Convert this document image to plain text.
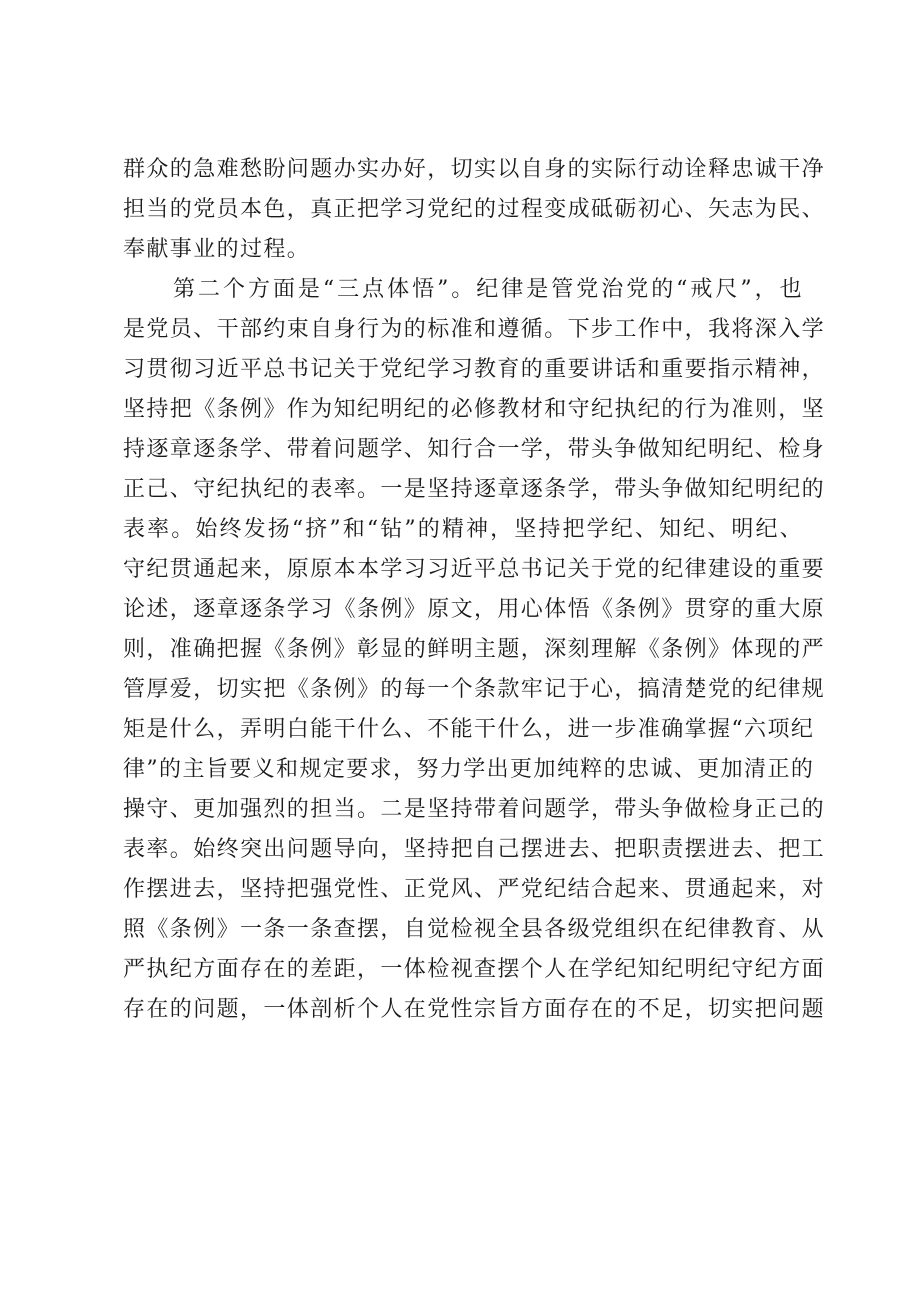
群众的急难愁盼问题办实办好，切实以自身的实际行动诠释忠诚干净
担当的党员本色，真正把学习党纪的过程变成砥砺初心、矢志为民、
奉献事业的过程。
第二个方面是“三点体悟”。纪律是管党治党的“戒尺”，也
是党员、干部约束自身行为的标准和遵循。下步工作中，我将深入学
习贯彻习近平总书记关于党纪学习教育的重要讲话和重要指示精神，
坚持把《条例》作为知纪明纪的必修教材和守纪执纪的行为准则，坚
持逐章逐条学、带着问题学、知行合一学，带头争做知纪明纪、检身
正己、守纪执纪的表率。一是坚持逐章逐条学，带头争做知纪明纪的
表率。始终发扬“挤”和“钻”的精神，坚持把学纪、知纪、明纪、
守纪贯通起来，原原本本学习习近平总书记关于党的纪律建设的重要
论述，逐章逐条学习《条例》原文，用心体悟《条例》贯穿的重大原
则，准确把握《条例》彰显的鲜明主题，深刻理解《条例》体现的严
管厚爱，切实把《条例》的每一个条款牢记于心，搞清楚党的纪律规
矩是什么，弄明白能干什么、不能干什么，进一步准确掌握“六项纪
律”的主旨要义和规定要求，努力学出更加纯粹的忠诚、更加清正的
操守、更加强烈的担当。二是坚持带着问题学，带头争做检身正己的
表率。始终突出问题导向，坚持把自己摆进去、把职责摆进去、把工
作摆进去，坚持把强党性、正党风、严党纪结合起来、贯通起来，对
照《条例》一条一条查摆，自觉检视全县各级党组织在纪律教育、从
严执纪方面存在的差距，一体检视查摆个人在学纪知纪明纪守纪方面
存在的问题，一体剖析个人在党性宗旨方面存在的不足，切实把问题
